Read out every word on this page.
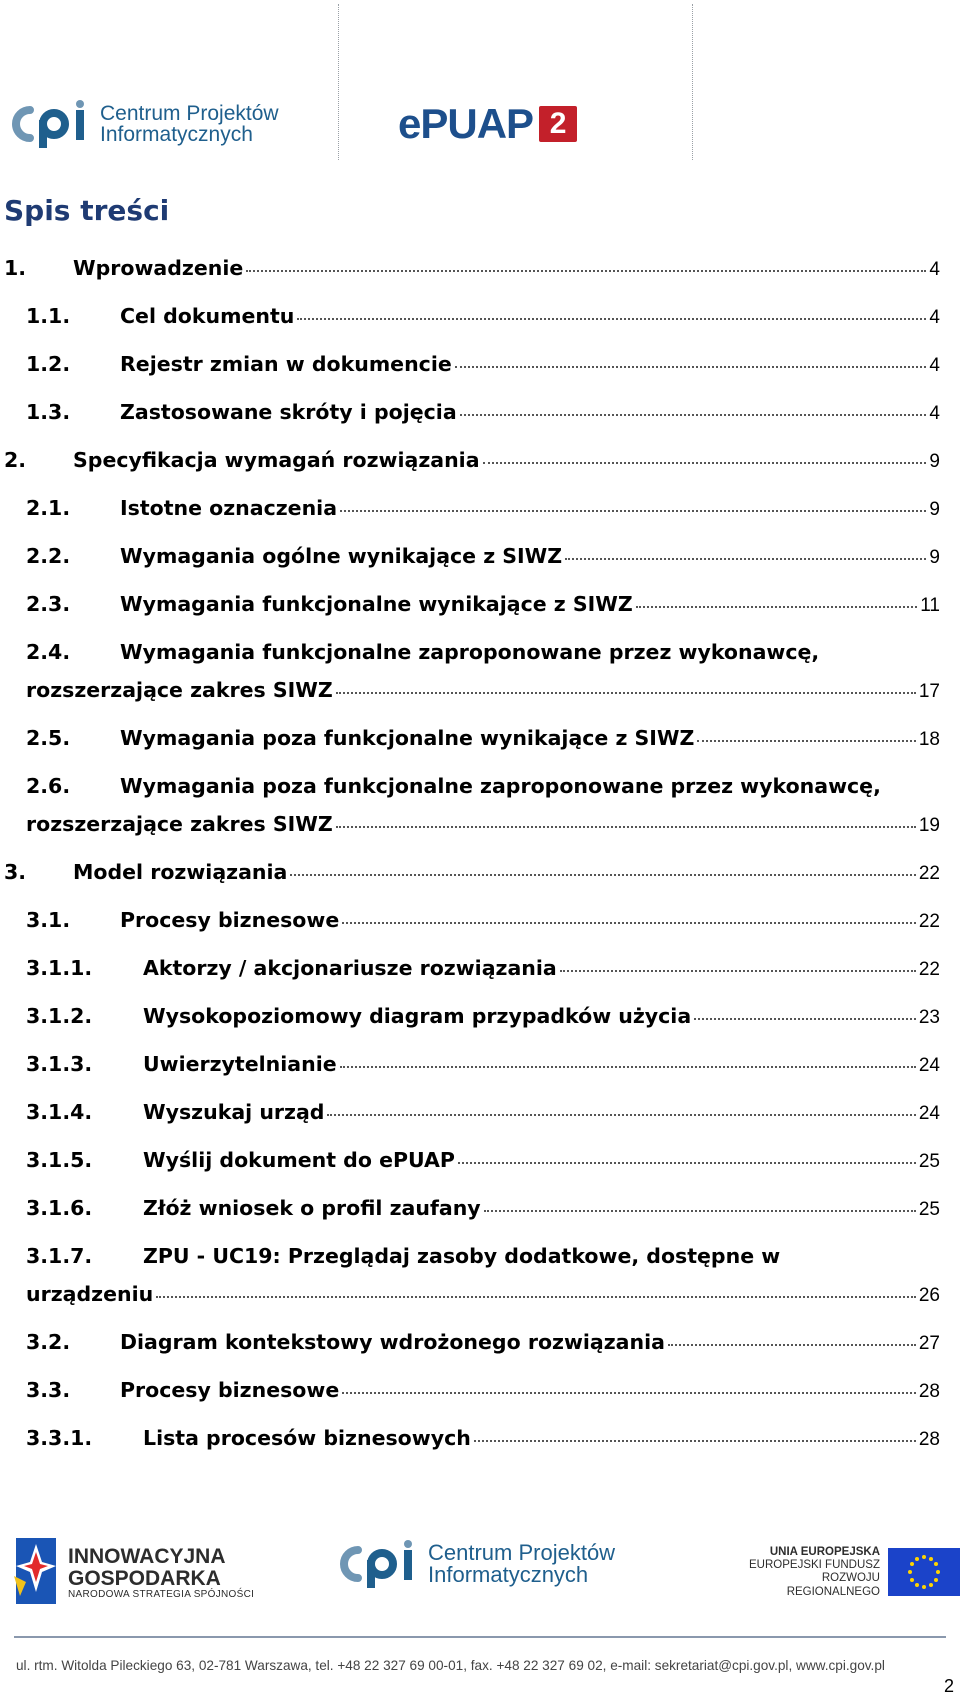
Centrum Projektów
Informatycznych	ePUAP 2
Spis treści
1.	Wprowadzenie	4
1.1.	Cel dokumentu	4
1.2.	Rejestr zmian w dokumencie	4
1.3.	Zastosowane skróty i pojęcia	4
2.	Specyfikacja wymagań rozwiązania	9
2.1.	Istotne oznaczenia	9
2.2.	Wymagania ogólne wynikające z SIWZ	9
2.3.	Wymagania funkcjonalne wynikające z SIWZ	11
2.4.	Wymagania funkcjonalne zaproponowane przez wykonawcę,
rozszerzające zakres SIWZ	17
2.5.	Wymagania poza funkcjonalne wynikające z SIWZ	18
2.6.	Wymagania poza funkcjonalne zaproponowane przez wykonawcę,
rozszerzające zakres SIWZ	19
3.	Model rozwiązania	22
3.1.	Procesy biznesowe	22
3.1.1.	Aktorzy / akcjonariusze rozwiązania	22
3.1.2.	Wysokopoziomowy diagram przypadków użycia	23
3.1.3.	Uwierzytelnianie	24
3.1.4.	Wyszukaj urząd	24
3.1.5.	Wyślij dokument do ePUAP	25
3.1.6.	Złóż wniosek o profil zaufany	25
3.1.7.	ZPU - UC19: Przeglądaj zasoby dodatkowe, dostępne w
urządzeniu	26
3.2.	Diagram kontekstowy wdrożonego rozwiązania	27
3.3.	Procesy biznesowe	28
3.3.1.	Lista procesów biznesowych	28
INNOWACYJNA
GOSPODARKA
NARODOWA STRATEGIA SPÓJNOŚCI
Centrum Projektów
Informatycznych
UNIA EUROPEJSKA
EUROPEJSKI FUNDUSZ
ROZWOJU REGIONALNEGO
ul. rtm. Witolda Pileckiego 63, 02-781 Warszawa, tel. +48 22 327 69 00-01, fax. +48 22 327 69 02, e-mail: sekretariat@cpi.gov.pl, www.cpi.gov.pl
2
